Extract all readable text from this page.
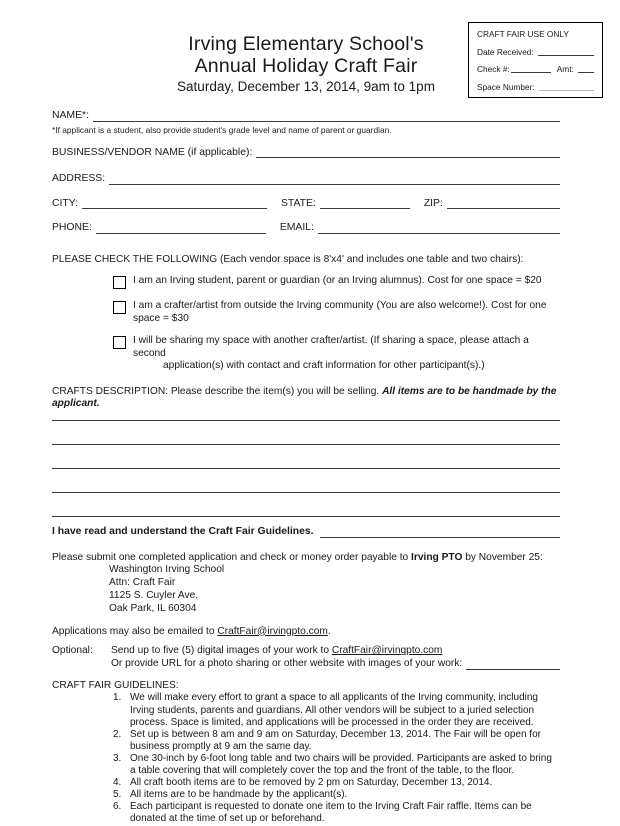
CRAFT FAIR USE ONLY
Date Received:
Check #:	Amt:
Space Number:
Irving Elementary School's
Annual Holiday Craft Fair
Saturday, December 13, 2014, 9am to 1pm
NAME*:
*If applicant is a student, also provide student's grade level and name of parent or guardian.
BUSINESS/VENDOR NAME (if applicable):
ADDRESS:
CITY:	STATE:	ZIP:
PHONE:	EMAIL:
PLEASE CHECK THE FOLLOWING (Each vendor space is 8'x4' and includes one table and two chairs):
I am an Irving student, parent or guardian (or an Irving alumnus). Cost for one space = $20
I am a crafter/artist from outside the Irving community (You are also welcome!). Cost for one
space = $30
I will be sharing my space with another crafter/artist. (If sharing a space, please attach a second
application(s) with contact and craft information for other participant(s).)
CRAFTS DESCRIPTION: Please describe the item(s) you will be selling. All items are to be handmade by the applicant.
I have read and understand the Craft Fair Guidelines.
Please submit one completed application and check or money order payable to Irving PTO by November 25:
Washington Irving School
Attn: Craft Fair
1125 S. Cuyler Ave.
Oak Park, IL 60304
Applications may also be emailed to CraftFair@irvingpto.com.
Optional:	Send up to five (5) digital images of your work to CraftFair@irvingpto.com
Or provide URL for a photo sharing or other website with images of your work:
CRAFT FAIR GUIDELINES:
1. We will make every effort to grant a space to all applicants of the Irving community, including Irving students, parents and guardians. All other vendors will be subject to a juried selection process. Space is limited, and applications will be processed in the order they are received.
2. Set up is between 8 am and 9 am on Saturday, December 13, 2014. The Fair will be open for business promptly at 9 am the same day.
3. One 30-inch by 6-foot long table and two chairs will be provided. Participants are asked to bring a table covering that will completely cover the top and the front of the table, to the floor.
4. All craft booth items are to be removed by 2 pm on Saturday, December 13, 2014.
5. All items are to be handmade by the applicant(s).
6. Each participant is requested to donate one item to the Irving Craft Fair raffle. Items can be donated at the time of set up or beforehand.
